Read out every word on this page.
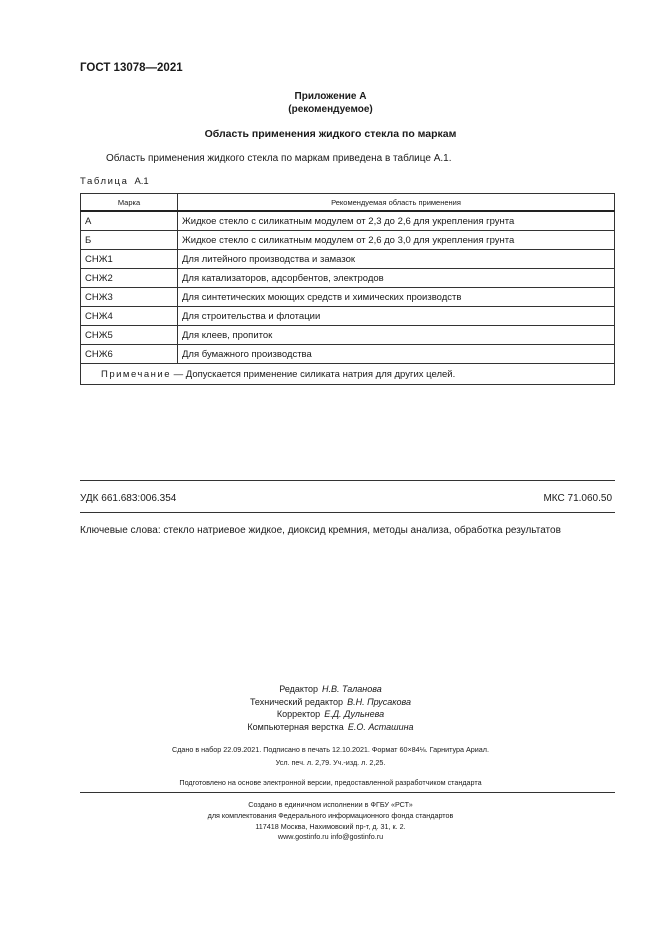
ГОСТ 13078—2021
Приложение А
(рекомендуемое)
Область применения жидкого стекла по маркам
Область применения жидкого стекла по маркам приведена в таблице А.1.
Таблица А.1
Марка	Рекомендуемая область применения
А	Жидкое стекло с силикатным модулем от 2,3 до 2,6 для укрепления грунта
Б	Жидкое стекло с силикатным модулем от 2,6 до 3,0 для укрепления грунта
СНЖ1	Для литейного производства и замазок
СНЖ2	Для катализаторов, адсорбентов, электродов
СНЖ3	Для синтетических моющих средств и химических производств
СНЖ4	Для строительства и флотации
СНЖ5	Для клеев, пропиток
СНЖ6	Для бумажного производства
Примечание — Допускается применение силиката натрия для других целей.	
УДК 661.683:006.354	МКС 71.060.50
Ключевые слова: стекло натриевое жидкое, диоксид кремния, методы анализа, обработка результатов
Редактор Н.В. Таланова
Технический редактор В.Н. Прусакова
Корректор Е.Д. Дульнева
Компьютерная верстка Е.О. Асташина
Сдано в набор 22.09.2021. Подписано в печать 12.10.2021. Формат 60×84⅛. Гарнитура Ариал.
Усл. печ. л. 2,79. Уч.-изд. л. 2,25.
Подготовлено на основе электронной версии, предоставленной разработчиком стандарта
Создано в единичном исполнении в ФГБУ «РСТ»
для комплектования Федерального информационного фонда стандартов
117418 Москва, Нахимовский пр-т, д. 31, к. 2.
www.gostinfo.ru info@gostinfo.ru
